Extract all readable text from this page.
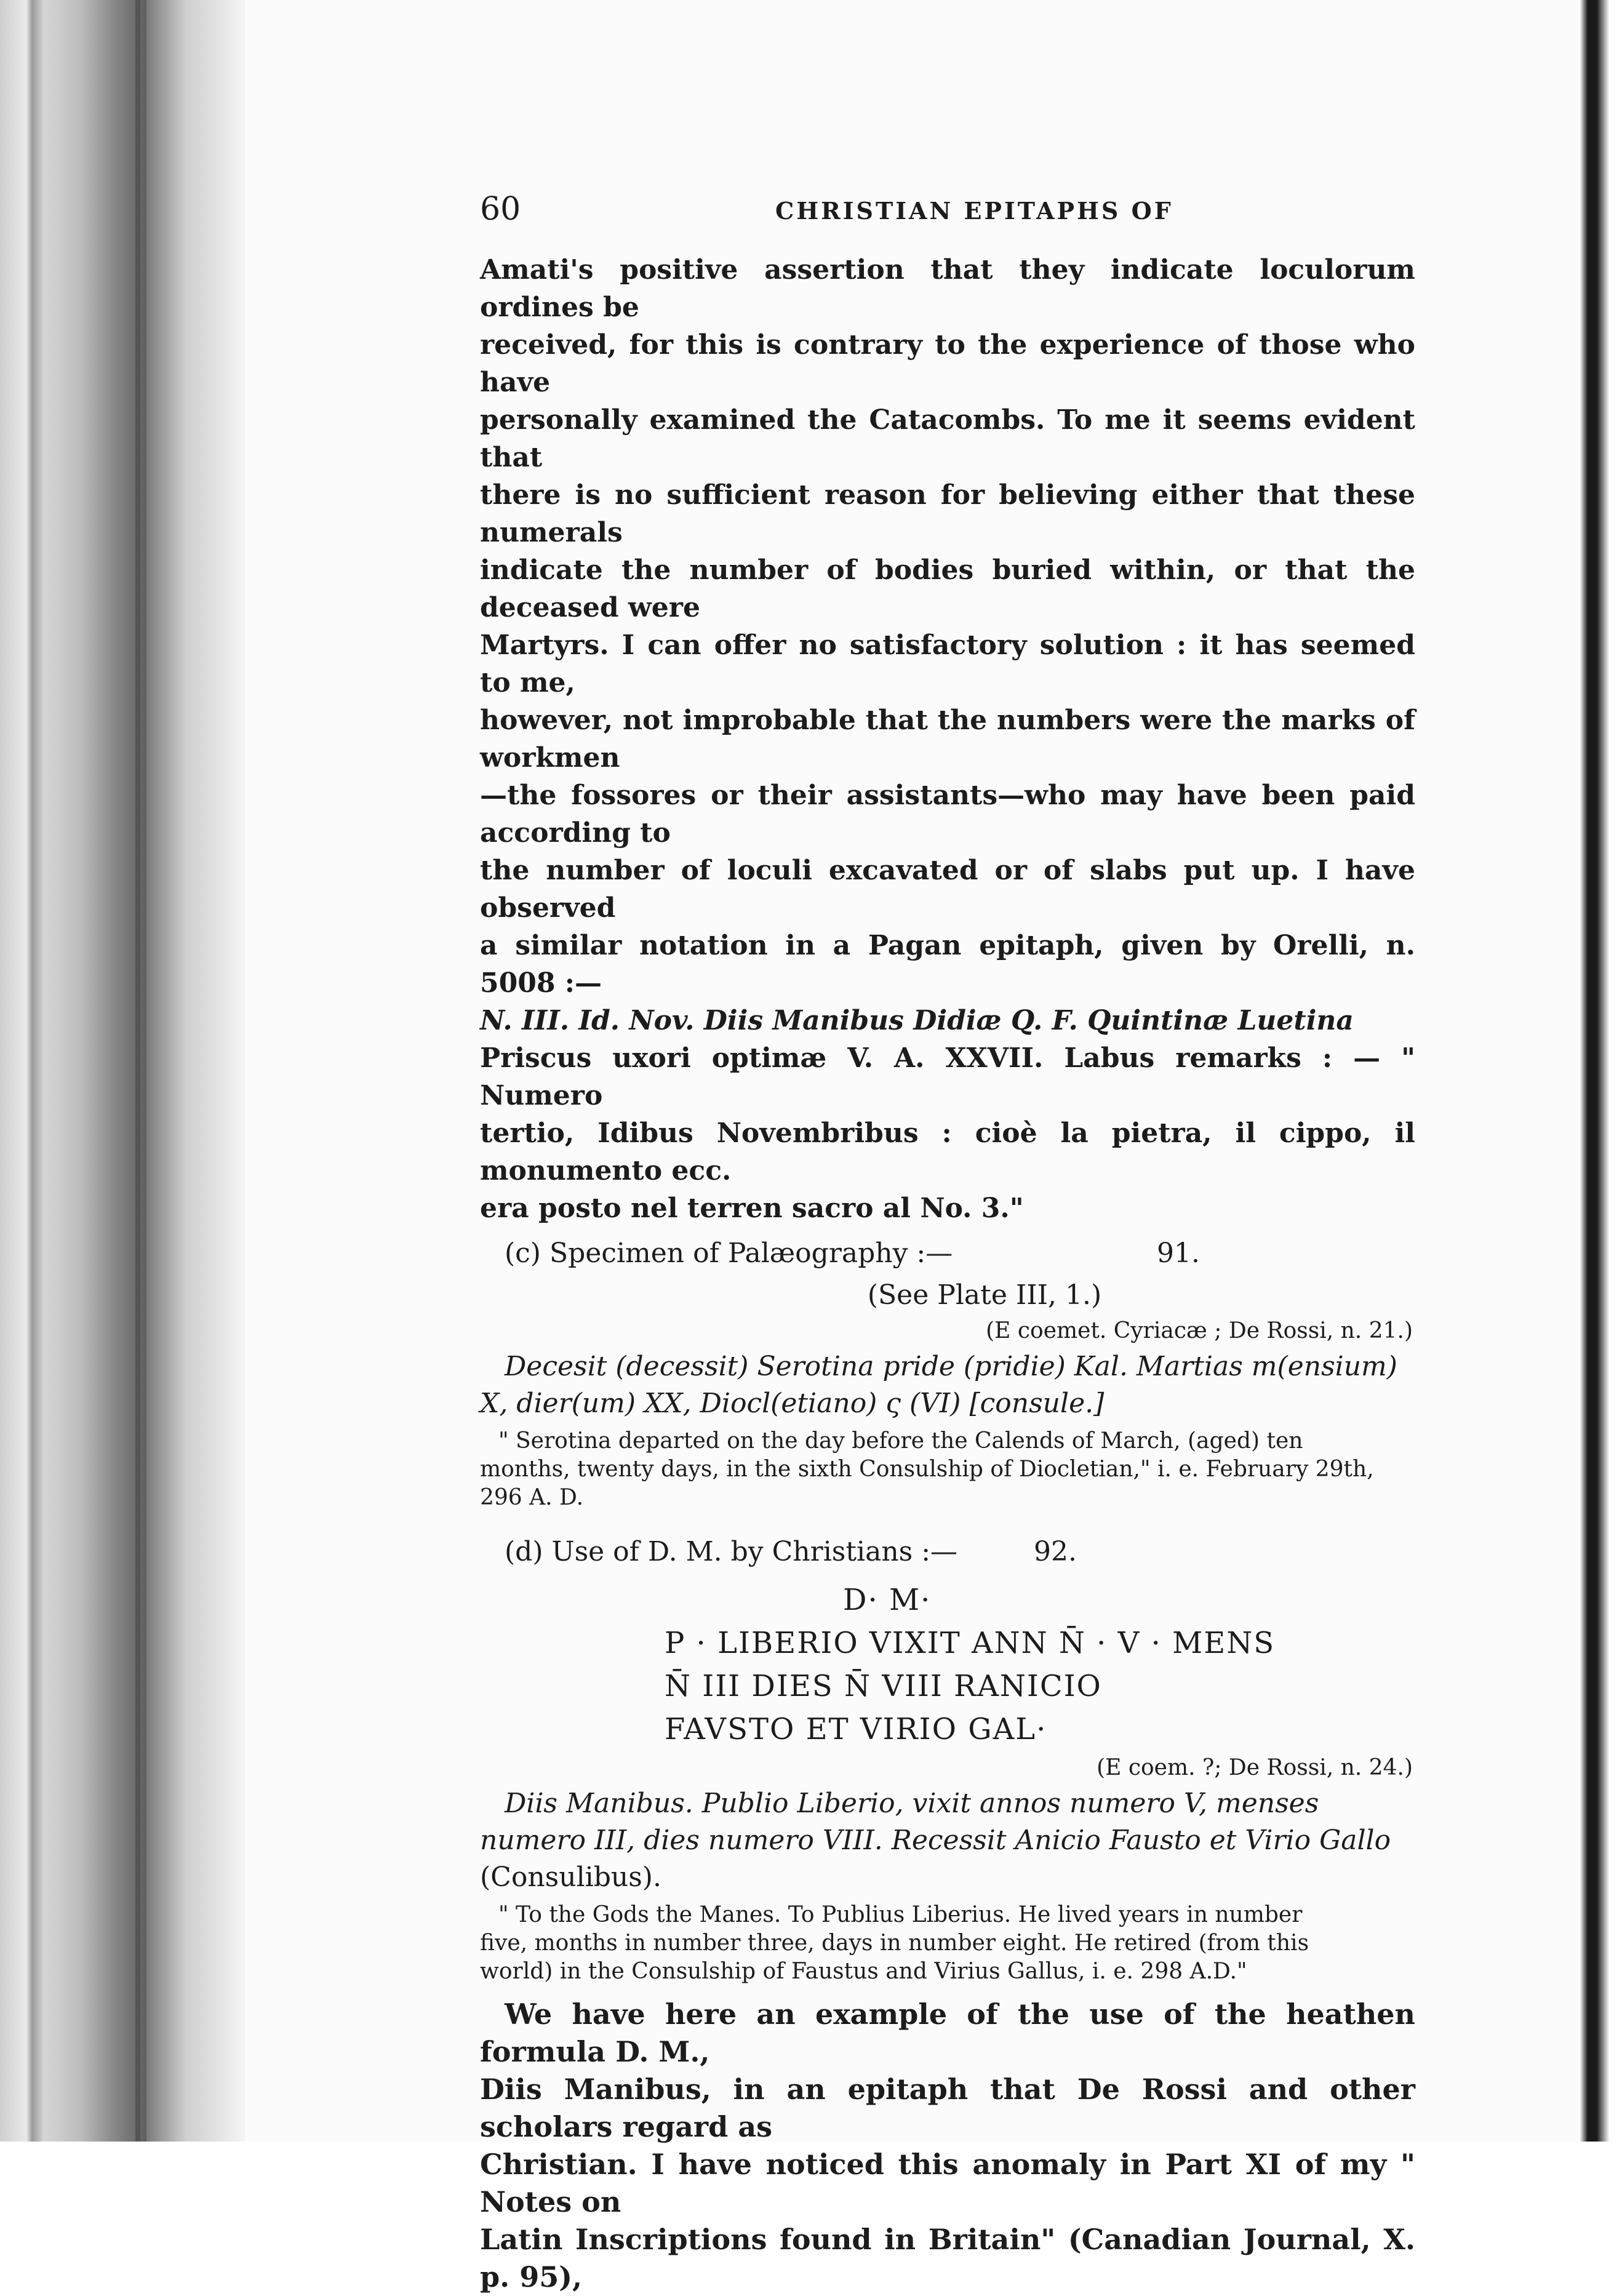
60	CHRISTIAN EPITAPHS OF

Amati's positive assertion that they indicate loculorum ordines be

received, for this is contrary to the experience of those who have

personally examined the Catacombs. To me it seems evident that

there is no sufficient reason for believing either that these numerals

indicate the number of bodies buried within, or that the deceased were

Martyrs. I can offer no satisfactory solution : it has seemed to me,

however, not improbable that the numbers were the marks of workmen

—the fossores or their assistants—who may have been paid according to

the number of loculi excavated or of slabs put up. I have observed

a similar notation in a Pagan epitaph, given by Orelli, n. 5008 :—

N. III. Id. Nov. Diis Manibus Didiæ Q. F. Quintinæ Luetina

Priscus uxori optimæ V. A. XXVII. Labus remarks : — " Numero

tertio, Idibus Novembribus : cioè la pietra, il cippo, il monumento ecc.

era posto nel terren sacro al No. 3."

(c) Specimen of Palæography :—	91.
(See Plate III, 1.)
(E coemet. Cyriacæ ; De Rossi, n. 21.)

Decesit (decessit) Serotina pride (pridie) Kal. Martias m(ensium)

X, dier(um) XX, Diocl(etiano) ς (VI) [consule.]

" Serotina departed on the day before the Calends of March, (aged) ten

months, twenty days, in the sixth Consulship of Diocletian," i. e. February 29th,

296 A. D.

(d) Use of D. M. by Christians :—	92.
D· M·
P · LIBERIO VIXIT ANN N̄ · V · MENS
N̄ III DIES N̄ VIII RANICIO
FAVSTO ET VIRIO GAL·
(E coem. ?; De Rossi, n. 24.)

Diis Manibus. Publio Liberio, vixit annos numero V, menses

numero III, dies numero VIII. Recessit Anicio Fausto et Virio Gallo

(Consulibus).

" To the Gods the Manes. To Publius Liberius. He lived years in number

five, months in number three, days in number eight. He retired (from this

world) in the Consulship of Faustus and Virius Gallus, i. e. 298 A.D."

We have here an example of the use of the heathen formula D. M.,

Diis Manibus, in an epitaph that De Rossi and other scholars regard as

Christian. I have noticed this anomaly in Part XI of my " Notes on

Latin Inscriptions found in Britain" (Canadian Journal, X. p. 95),
